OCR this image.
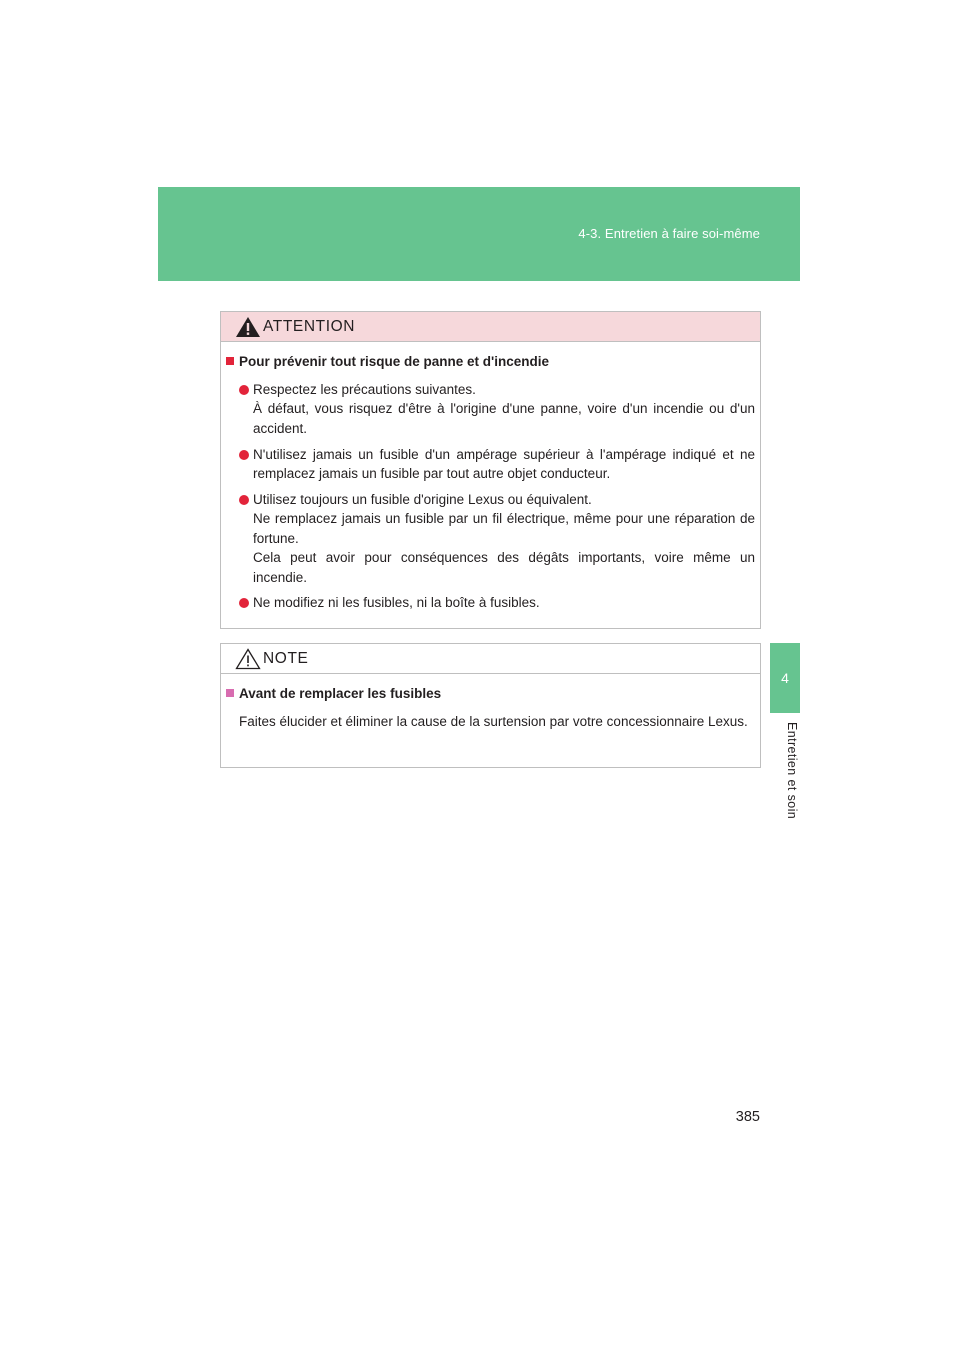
4-3. Entretien à faire soi-même
4
Entretien et soin
ATTENTION
Pour prévenir tout risque de panne et d'incendie
Respectez les précautions suivantes.
À défaut, vous risquez d'être à l'origine d'une panne, voire d'un incendie ou d'un accident.
N'utilisez jamais un fusible d'un ampérage supérieur à l'ampérage indiqué et ne remplacez jamais un fusible par tout autre objet conducteur.
Utilisez toujours un fusible d'origine Lexus ou équivalent.
Ne remplacez jamais un fusible par un fil électrique, même pour une réparation de fortune.
Cela peut avoir pour conséquences des dégâts importants, voire même un incendie.
Ne modifiez ni les fusibles, ni la boîte à fusibles.
NOTE
Avant de remplacer les fusibles
Faites élucider et éliminer la cause de la surtension par votre concessionnaire Lexus.
385
